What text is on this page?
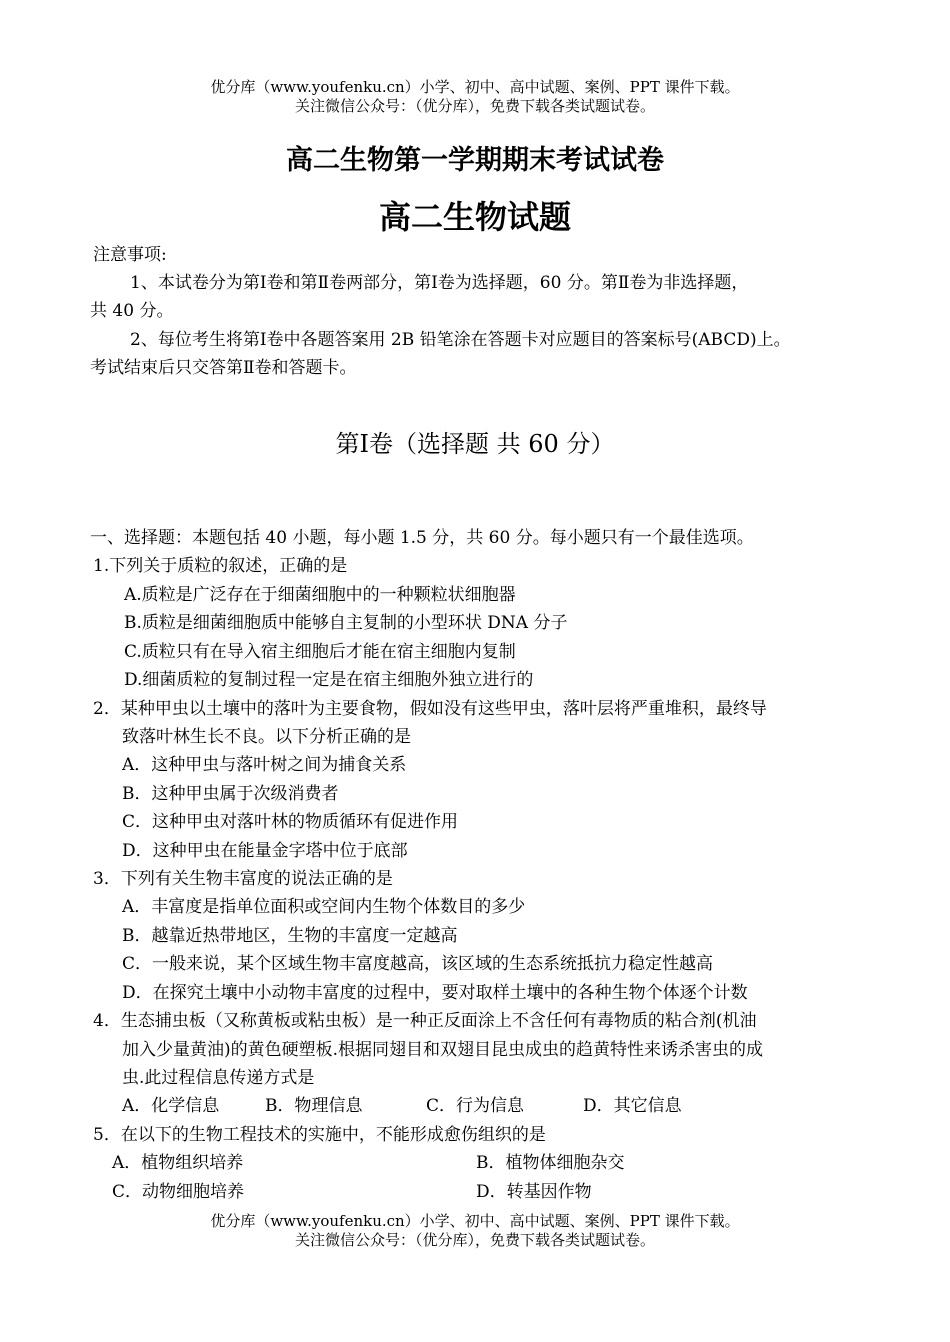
优分库（www.youfenku.cn）小学、初中、高中试题、案例、PPT 课件下载。
关注微信公众号：（优分库），免费下载各类试题试卷。
高二生物第一学期期末考试试卷
高二生物试题
注意事项:
1、本试卷分为第Ⅰ卷和第Ⅱ卷两部分，第Ⅰ卷为选择题，60 分。第Ⅱ卷为非选择题，
共 40 分。
2、每位考生将第Ⅰ卷中各题答案用 2B 铅笔涂在答题卡对应题目的答案标号(ABCD)上。
考试结束后只交答第Ⅱ卷和答题卡。
第Ⅰ卷（选择题 共 60 分）
一、选择题：本题包括 40 小题，每小题 1.5 分，共 60 分。每小题只有一个最佳选项。
1.下列关于质粒的叙述，正确的是
A.质粒是广泛存在于细菌细胞中的一种颗粒状细胞器
B.质粒是细菌细胞质中能够自主复制的小型环状 DNA 分子
C.质粒只有在导入宿主细胞后才能在宿主细胞内复制
D.细菌质粒的复制过程一定是在宿主细胞外独立进行的
2．某种甲虫以土壤中的落叶为主要食物，假如没有这些甲虫，落叶层将严重堆积，最终导
致落叶林生长不良。以下分析正确的是
A．这种甲虫与落叶树之间为捕食关系
B．这种甲虫属于次级消费者
C．这种甲虫对落叶林的物质循环有促进作用
D．这种甲虫在能量金字塔中位于底部
3．下列有关生物丰富度的说法正确的是
A．丰富度是指单位面积或空间内生物个体数目的多少
B．越靠近热带地区，生物的丰富度一定越高
C．一般来说，某个区域生物丰富度越高，该区域的生态系统抵抗力稳定性越高
D．在探究土壤中小动物丰富度的过程中，要对取样土壤中的各种生物个体逐个计数
4．生态捕虫板（又称黄板或粘虫板）是一种正反面涂上不含任何有毒物质的粘合剂(机油
加入少量黄油)的黄色硬塑板.根据同翅目和双翅目昆虫成虫的趋黄特性来诱杀害虫的成
虫.此过程信息传递方式是
A．化学信息	B．物理信息	C．行为信息	D．其它信息
5．在以下的生物工程技术的实施中，不能形成愈伤组织的是
A．植物组织培养	B．植物体细胞杂交
C．动物细胞培养	D．转基因作物
优分库（www.youfenku.cn）小学、初中、高中试题、案例、PPT 课件下载。
关注微信公众号：（优分库），免费下载各类试题试卷。
